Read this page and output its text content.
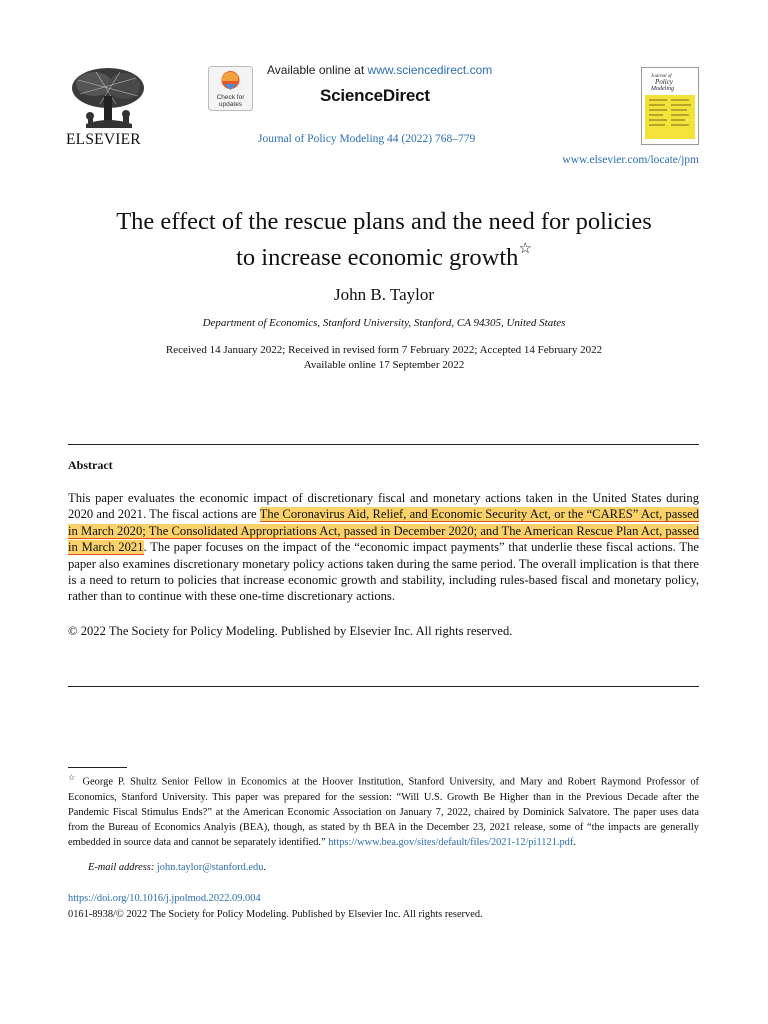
ELSEVIER
Check for
updates
Available online at www.sciencedirect.com
ScienceDirect
Journal of Policy Modeling 44 (2022) 768–779
Journal of
Policy
Modeling
www.elsevier.com/locate/jpm
The effect of the rescue plans and the need for policies
to increase economic growth☆
John B. Taylor
Department of Economics, Stanford University, Stanford, CA 94305, United States
Received 14 January 2022; Received in revised form 7 February 2022; Accepted 14 February 2022
Available online 17 September 2022
Abstract
This paper evaluates the economic impact of discretionary fiscal and monetary actions taken in the United States during 2020 and 2021. The fiscal actions are The Coronavirus Aid, Relief, and Economic Security Act, or the “CARES” Act, passed in March 2020; The Consolidated Appropriations Act, passed in December 2020; and The American Rescue Plan Act, passed in March 2021. The paper focuses on the impact of the “economic impact payments” that underlie these fiscal actions. The paper also examines discretionary monetary policy actions taken during the same period. The overall implication is that there is a need to return to policies that increase economic growth and stability, including rules-based fiscal and monetary policy, rather than to continue with these one-time discretionary actions.
© 2022 The Society for Policy Modeling. Published by Elsevier Inc. All rights reserved.
☆ George P. Shultz Senior Fellow in Economics at the Hoover Institution, Stanford University, and Mary and Robert Raymond Professor of Economics, Stanford University. This paper was prepared for the session: “Will U.S. Growth Be Higher than in the Previous Decade after the Pandemic Fiscal Stimulus Ends?” at the American Economic Association on January 7, 2022, chaired by Dominick Salvatore. The paper uses data from the Bureau of Economics Analyis (BEA), though, as stated by th BEA in the December 23, 2021 release, some of “the impacts are generally embedded in source data and cannot be separately identified.” https://www.bea.gov/sites/default/files/2021-12/pi1121.pdf.
E-mail address: john.taylor@stanford.edu.
https://doi.org/10.1016/j.jpolmod.2022.09.004
0161-8938/© 2022 The Society for Policy Modeling. Published by Elsevier Inc. All rights reserved.
